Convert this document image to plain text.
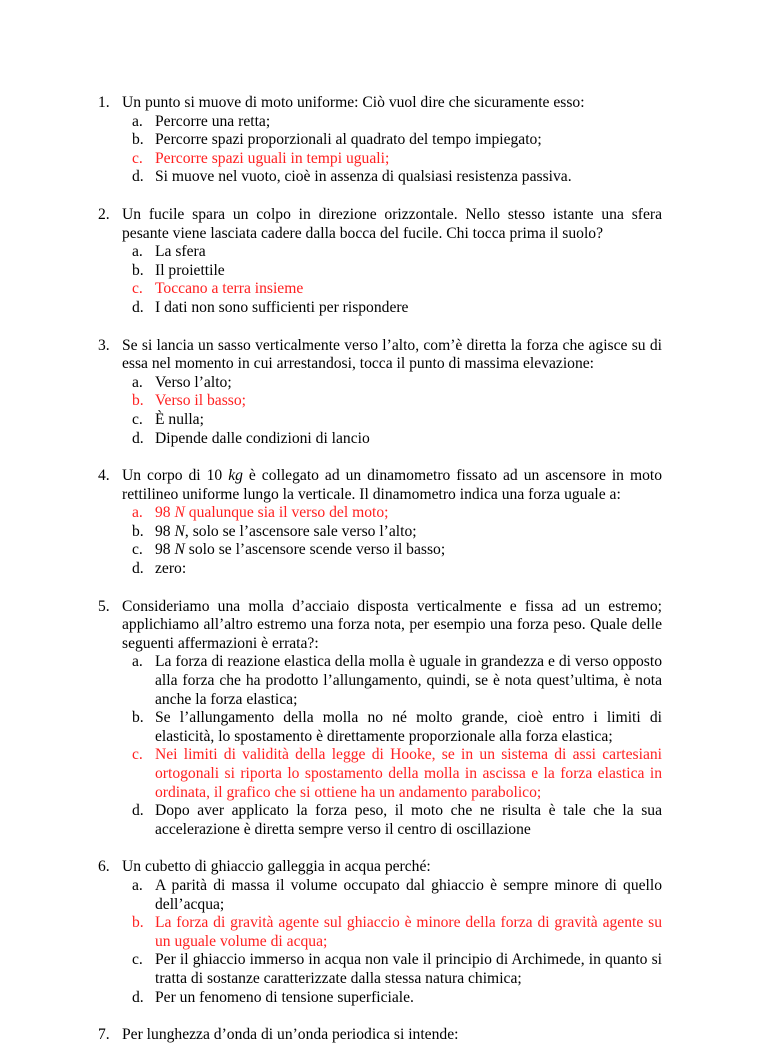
1. Un punto si muove di moto uniforme: Ciò vuol dire che sicuramente esso:
a. Percorre una retta;
b. Percorre spazi proporzionali al quadrato del tempo impiegato;
c. Percorre spazi uguali in tempi uguali;
d. Si muove nel vuoto, cioè in assenza di qualsiasi resistenza passiva.
2. Un fucile spara un colpo in direzione orizzontale. Nello stesso istante una sfera pesante viene lasciata cadere dalla bocca del fucile. Chi tocca prima il suolo?
a. La sfera
b. Il proiettile
c. Toccano a terra insieme
d. I dati non sono sufficienti per rispondere
3. Se si lancia un sasso verticalmente verso l’alto, com’è diretta la forza che agisce su di essa nel momento in cui arrestandosi, tocca il punto di massima elevazione:
a. Verso l’alto;
b. Verso il basso;
c. È nulla;
d. Dipende dalle condizioni di lancio
4. Un corpo di 10 kg è collegato ad un dinamometro fissato ad un ascensore in moto rettilineo uniforme lungo la verticale. Il dinamometro indica una forza uguale a:
a. 98 N qualunque sia il verso del moto;
b. 98 N, solo se l’ascensore sale verso l’alto;
c. 98 N solo se l’ascensore scende verso il basso;
d. zero:
5. Consideriamo una molla d’acciaio disposta verticalmente e fissa ad un estremo; applichiamo all’altro estremo una forza nota, per esempio una forza peso. Quale delle seguenti affermazioni è errata?:
a. La forza di reazione elastica della molla è uguale in grandezza e di verso opposto alla forza che ha prodotto l’allungamento, quindi, se è nota quest’ultima, è nota anche la forza elastica;
b. Se l’allungamento della molla no né molto grande, cioè entro i limiti di elasticità, lo spostamento è direttamente proporzionale alla forza elastica;
c. Nei limiti di validità della legge di Hooke, se in un sistema di assi cartesiani ortogonali si riporta lo spostamento della molla in ascissa e la forza elastica in ordinata, il grafico che si ottiene ha un andamento parabolico;
d. Dopo aver applicato la forza peso, il moto che ne risulta è tale che la sua accelerazione è diretta sempre verso il centro di oscillazione
6. Un cubetto di ghiaccio galleggia in acqua perché:
a. A parità di massa il volume occupato dal ghiaccio è sempre minore di quello dell’acqua;
b. La forza di gravità agente sul ghiaccio è minore della forza di gravità agente su un uguale volume di acqua;
c. Per il ghiaccio immerso in acqua non vale il principio di Archimede, in quanto si tratta di sostanze caratterizzate dalla stessa natura chimica;
d. Per un fenomeno di tensione superficiale.
7. Per lunghezza d’onda di un’onda periodica si intende:
